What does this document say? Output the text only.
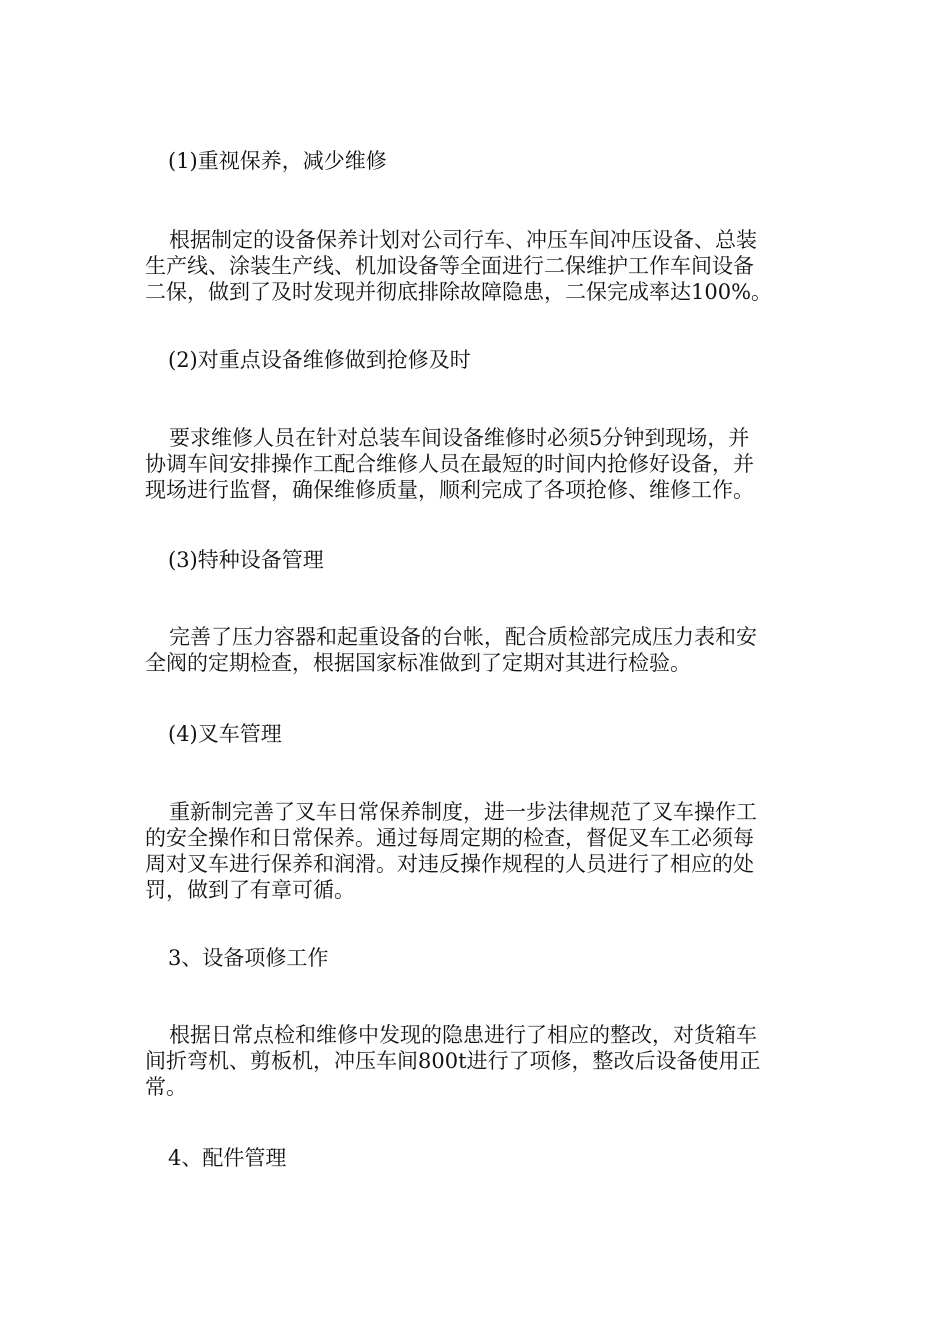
(1)重视保养，减少维修
根据制定的设备保养计划对公司行车、冲压车间冲压设备、总装
生产线、涂装生产线、机加设备等全面进行二保维护工作车间设备
二保，做到了及时发现并彻底排除故障隐患，二保完成率达100%。
(2)对重点设备维修做到抢修及时
要求维修人员在针对总装车间设备维修时必须5分钟到现场，并
协调车间安排操作工配合维修人员在最短的时间内抢修好设备，并
现场进行监督，确保维修质量，顺利完成了各项抢修、维修工作。
(3)特种设备管理
完善了压力容器和起重设备的台帐，配合质检部完成压力表和安
全阀的定期检查，根据国家标准做到了定期对其进行检验。
(4)叉车管理
重新制完善了叉车日常保养制度，进一步法律规范了叉车操作工
的安全操作和日常保养。通过每周定期的检查，督促叉车工必须每
周对叉车进行保养和润滑。对违反操作规程的人员进行了相应的处
罚，做到了有章可循。
3、设备项修工作
根据日常点检和维修中发现的隐患进行了相应的整改，对货箱车
间折弯机、剪板机，冲压车间800t进行了项修，整改后设备使用正
常。
4、配件管理
